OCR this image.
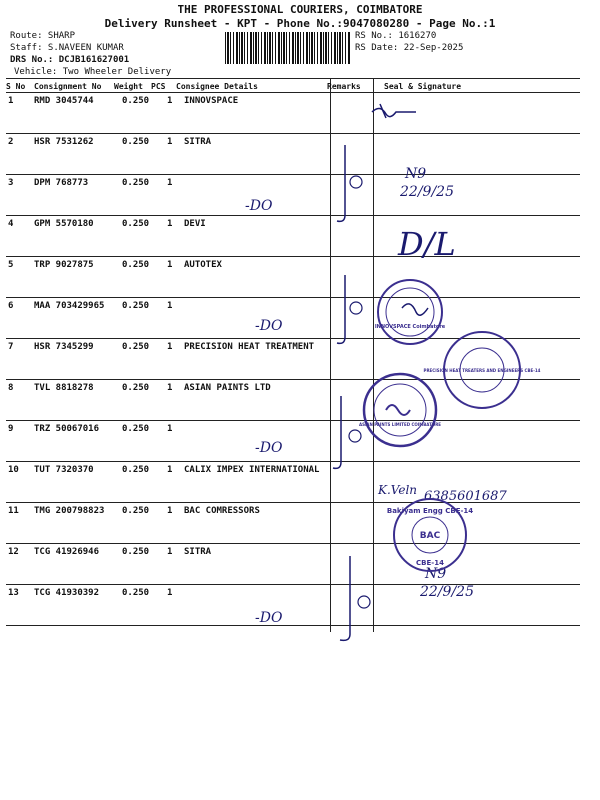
THE PROFESSIONAL COURIERS, COIMBATORE
Delivery Runsheet - KPT - Phone No.:9047080280 - Page No.:1
Route: SHARP
Staff: S.NAVEEN KUMAR
DRS No.: DCJB161627001
Vehicle: Two Wheeler Delivery
RS No.: 1616270
RS Date: 22-Sep-2025
S No Consignment No Weight PCS Consignee Details	Remarks	Seal & Signature
1 RMD 3045744	0.250 1 INNOVSPACE
2 HSR 7531262	0.250 1 SITRA
3 DPM 768773	0.250 1
4 GPM 5570180	0.250 1 DEVI
5 TRP 9027875	0.250 1 AUTOTEX
6 MAA 703429965 0.250 1
7 HSR 7345299	0.250 1 PRECISION HEAT TREATMENT
8 TVL 8818278	0.250 1 ASIAN PAINTS LTD
9 TRZ 50067016	0.250 1
10 TUT 7320370	0.250 1 CALIX IMPEX INTERNATIONAL
11 TMG 200798823 0.250 1 BAC COMRESSORS
12 TCG 41926946	0.250 1 SITRA
13 TCG 41930392	0.250 1
-DO
-DO
-DO
-DO
N9
22/9/25
N9
22/9/25
D/L
K.Veln 6385601687
INNOVSPACE Coimbatore
PRECISION HEAT TREATERS AND ENGINEERS CBE-14
ASIAN PAINTS LIMITED COIMBATORE
Bakiyam Engg CBE-14
BAC
CBE-14
